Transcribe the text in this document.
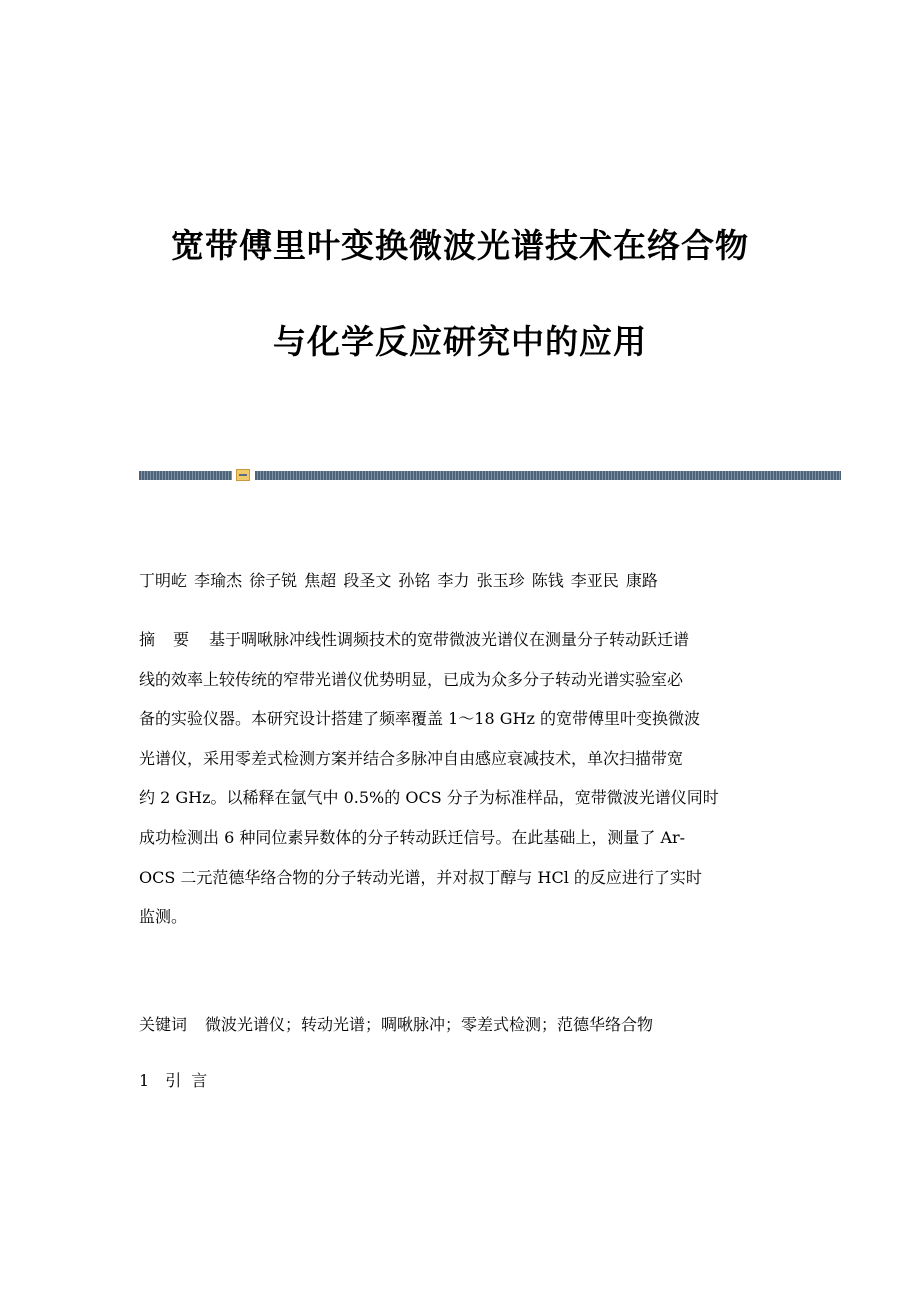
宽带傅里叶变换微波光谱技术在络合物
与化学反应研究中的应用
丁明屹 李瑜杰 徐子锐 焦超 段圣文 孙铭 李力 张玉珍 陈钱 李亚民 康路
摘要 基于啁啾脉冲线性调频技术的宽带微波光谱仪在测量分子转动跃迁谱
线的效率上较传统的窄带光谱仪优势明显，已成为众多分子转动光谱实验室必
备的实验仪器。本研究设计搭建了频率覆盖 1～18 GHz 的宽带傅里叶变换微波
光谱仪，采用零差式检测方案并结合多脉冲自由感应衰减技术，单次扫描带宽
约 2 GHz。以稀释在氩气中 0.5%的 OCS 分子为标准样品，宽带微波光谱仪同时
成功检测出 6 种同位素异数体的分子转动跃迁信号。在此基础上，测量了 Ar-
OCS 二元范德华络合物的分子转动光谱，并对叔丁醇与 HCl 的反应进行了实时
监测。
关键词 微波光谱仪；转动光谱；啁啾脉冲；零差式检测；范德华络合物
1 引言
